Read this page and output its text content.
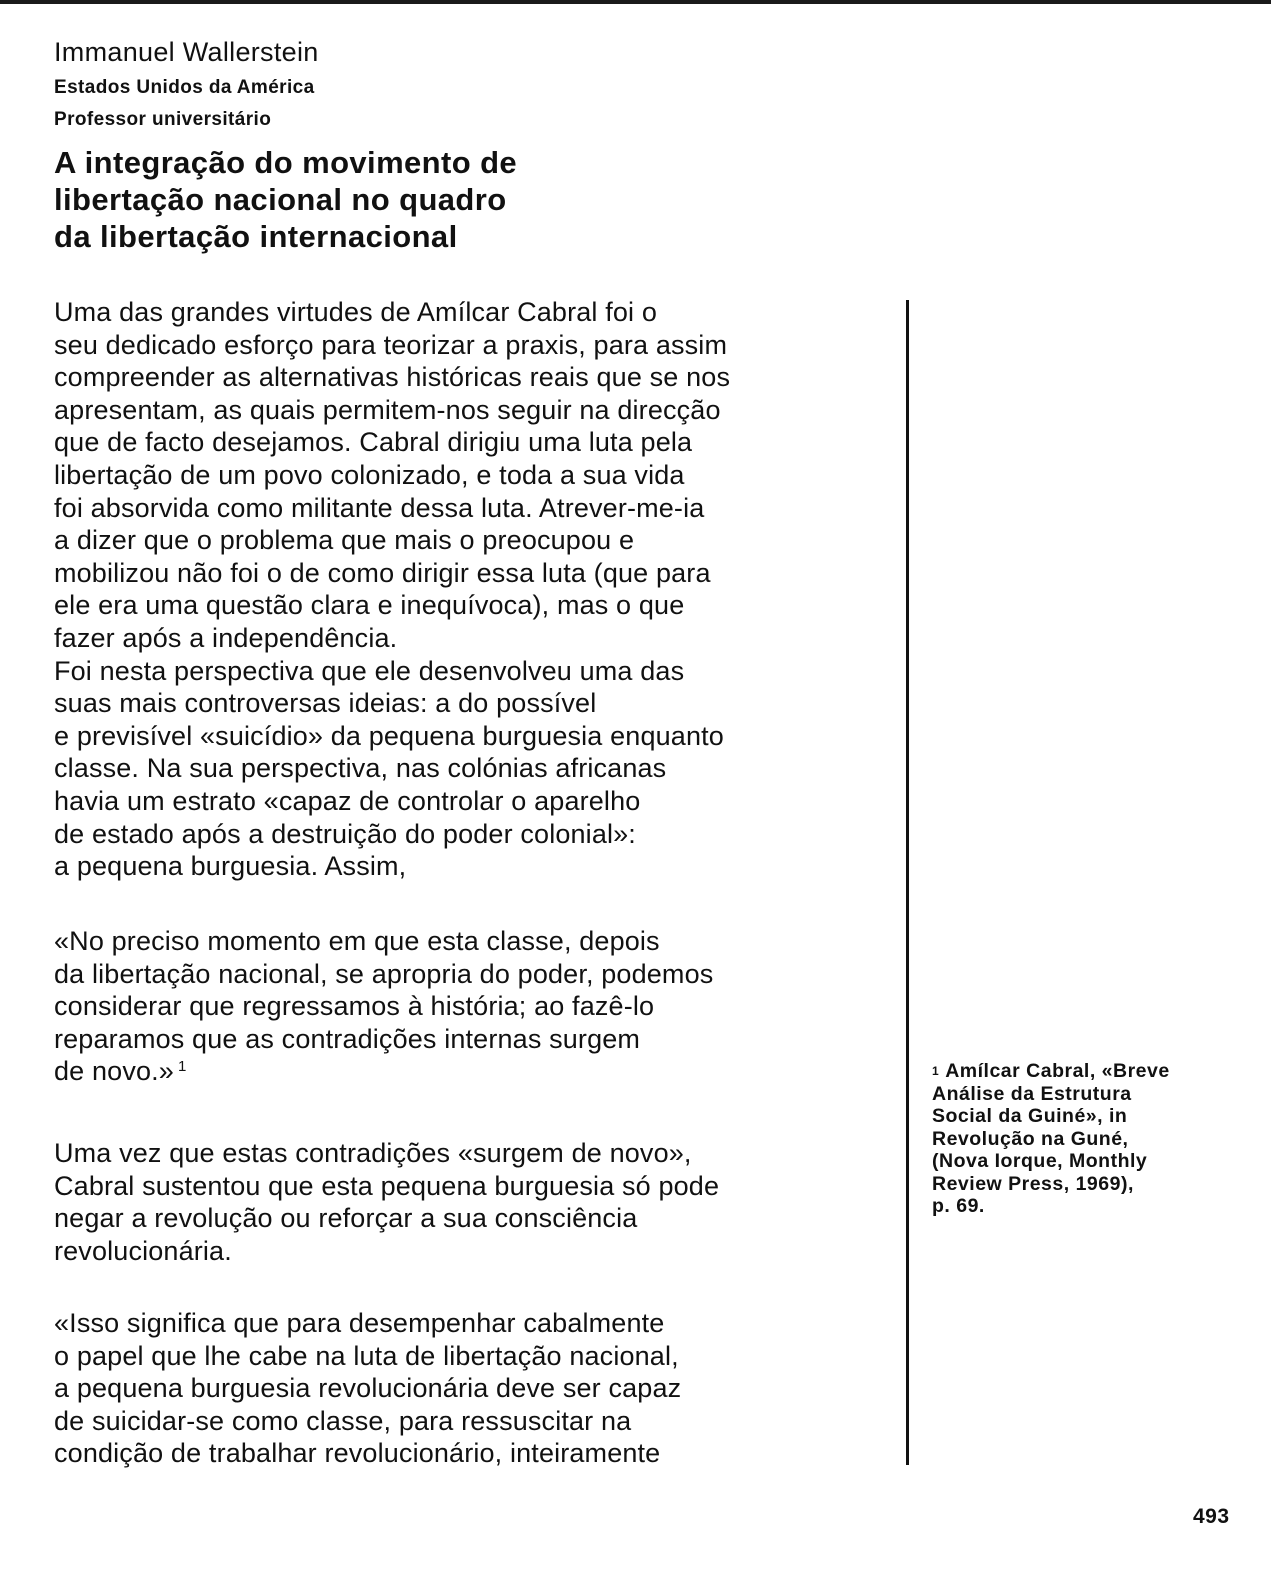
Immanuel Wallerstein
Estados Unidos da América
Professor universitário
A integração do movimento de
libertação nacional no quadro
da libertação internacional
Uma das grandes virtudes de Amílcar Cabral foi o
seu dedicado esforço para teorizar a praxis, para assim
compreender as alternativas históricas reais que se nos
apresentam, as quais permitem-nos seguir na direcção
que de facto desejamos. Cabral dirigiu uma luta pela
libertação de um povo colonizado, e toda a sua vida
foi absorvida como militante dessa luta. Atrever-me-ia
a dizer que o problema que mais o preocupou e
mobilizou não foi o de como dirigir essa luta (que para
ele era uma questão clara e inequívoca), mas o que
fazer após a independência.
Foi nesta perspectiva que ele desenvolveu uma das
suas mais controversas ideias: a do possível
e previsível «suicídio» da pequena burguesia enquanto
classe. Na sua perspectiva, nas colónias africanas
havia um estrato «capaz de controlar o aparelho
de estado após a destruição do poder colonial»:
a pequena burguesia. Assim,
«No preciso momento em que esta classe, depois
da libertação nacional, se apropria do poder, podemos
considerar que regressamos à história; ao fazê-lo
reparamos que as contradições internas surgem
de novo.» $^1$
Uma vez que estas contradições «surgem de novo»,
Cabral sustentou que esta pequena burguesia só pode
negar a revolução ou reforçar a sua consciência
revolucionária.
«Isso significa que para desempenhar cabalmente
o papel que lhe cabe na luta de libertação nacional,
a pequena burguesia revolucionária deve ser capaz
de suicidar-se como classe, para ressuscitar na
condição de trabalhar revolucionário, inteiramente
$^1$ Amílcar Cabral, «Breve
Análise da Estrutura
Social da Guiné», in
Revolução na Guné,
(Nova Iorque, Monthly
Review Press, 1969),
p. 69.
493
